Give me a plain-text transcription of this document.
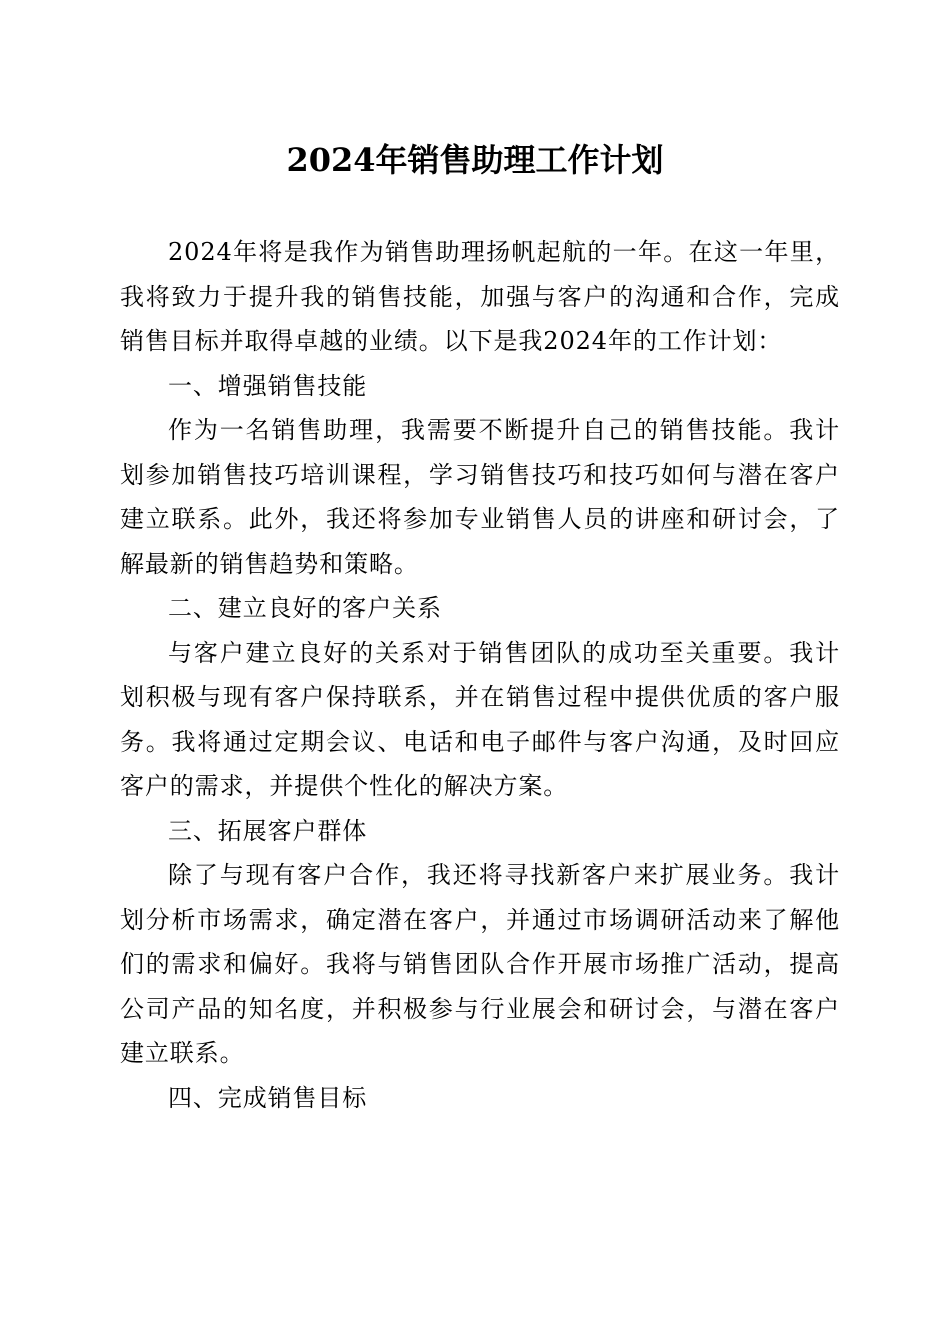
2024年销售助理工作计划

2024年将是我作为销售助理扬帆起航的一年。在这一年里，我将致力于提升我的销售技能，加强与客户的沟通和合作，完成销售目标并取得卓越的业绩。以下是我2024年的工作计划：

一、增强销售技能

作为一名销售助理，我需要不断提升自己的销售技能。我计划参加销售技巧培训课程，学习销售技巧和技巧如何与潜在客户建立联系。此外，我还将参加专业销售人员的讲座和研讨会，了解最新的销售趋势和策略。

二、建立良好的客户关系

与客户建立良好的关系对于销售团队的成功至关重要。我计划积极与现有客户保持联系，并在销售过程中提供优质的客户服务。我将通过定期会议、电话和电子邮件与客户沟通，及时回应客户的需求，并提供个性化的解决方案。

三、拓展客户群体

除了与现有客户合作，我还将寻找新客户来扩展业务。我计划分析市场需求，确定潜在客户，并通过市场调研活动来了解他们的需求和偏好。我将与销售团队合作开展市场推广活动，提高公司产品的知名度，并积极参与行业展会和研讨会，与潜在客户建立联系。

四、完成销售目标
